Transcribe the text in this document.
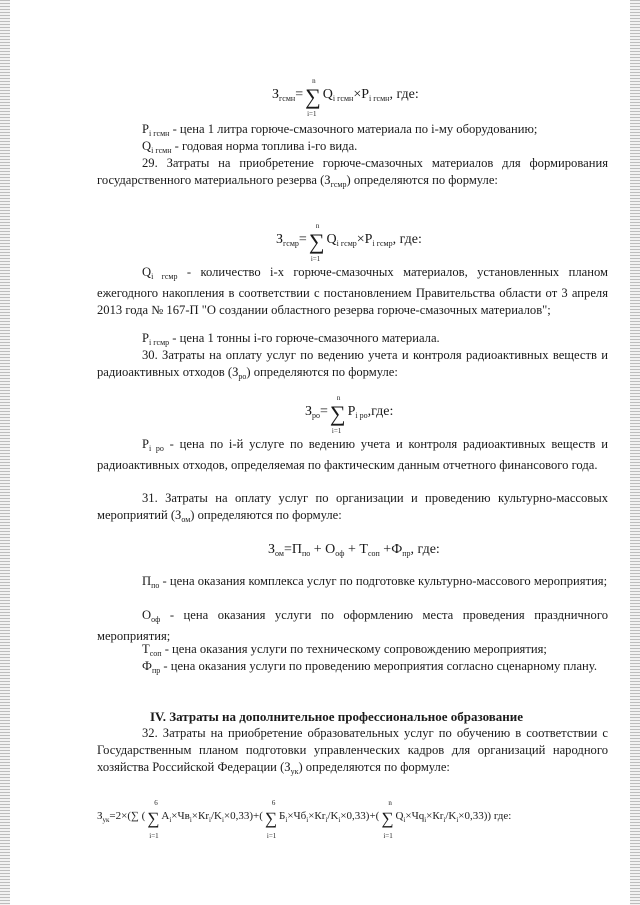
$З_{гсмн}=\sum$
n
i=1
$Q_{i гсмн}\times P_{i гсмн}$, где:
$P_{i гсмн}$ - цена 1 литра горюче-смазочного материала по i-му оборудованию;
$Q_{i гсмн}$ - годовая норма топлива i-го вида.
29. Затраты на приобретение горюче-смазочных материалов для формирования государственного материального резерва $(З_{гсмр})$ определяются по формуле:
$З_{гсмр}=\sum$
n
i=1
$Q_{i гсмр}\times P_{i гсмр}$, где:
$Q_{i гсмр}$ - количество i-х горюче-смазочных материалов, установленных планом ежегодного накопления в соответствии с постановлением Правительства области от 3 апреля 2013 года № 167-П "О создании областного резерва горюче-смазочных материалов";
$P_{i гсмр}$ - цена 1 тонны i-го горюче-смазочного материала.
30. Затраты на оплату услуг по ведению учета и контроля радиоактивных веществ и радиоактивных отходов $(З_{ро})$ определяются по формуле:
$З_{ро}=\sum$
n
i=1
$P_{i ро},где$:
$P_{i ро}$ - цена по i-й услуге по ведению учета и контроля радиоактивных веществ и радиоактивных отходов, определяемая по фактическим данным отчетного финансового года.
31. Затраты на оплату услуг по организации и проведению культурно-массовых мероприятий $(З_{ом})$ определяются по формуле:
$З_{ом}=П_{по} + О_{оф} + Т_{соп} +Ф_{пр}$, где:
$П_{по}$ - цена оказания комплекса услуг по подготовке культурно-массового мероприятия;
$О_{оф}$ - цена оказания услуги по оформлению места проведения праздничного мероприятия;
$Т_{соп}$ - цена оказания услуги по техническому сопровождению мероприятия;
$Ф_{пр}$ - цена оказания услуги по проведению мероприятия согласно сценарному плану.
IV. Затраты на дополнительное профессиональное образование
32. Затраты на приобретение образовательных услуг по обучению в соответствии с Государственным планом подготовки управленческих кадров для организаций народного хозяйства Российской Федерации $(З_{ук})$ определяются по формуле:
$З_{ук}=2\times(\sum$ ( ∑
6
i=1
$A_i\times Чв_i\times Кr_i/K_i\times 0,33)+$( ∑
6
i=1
$Б_i\times Чб_i\times Кr_i/K_i\times 0,33)+$( ∑
n
i=1
$Q_i\times Чq_i\times Кr_i/K_i\times 0,33$)) где:
